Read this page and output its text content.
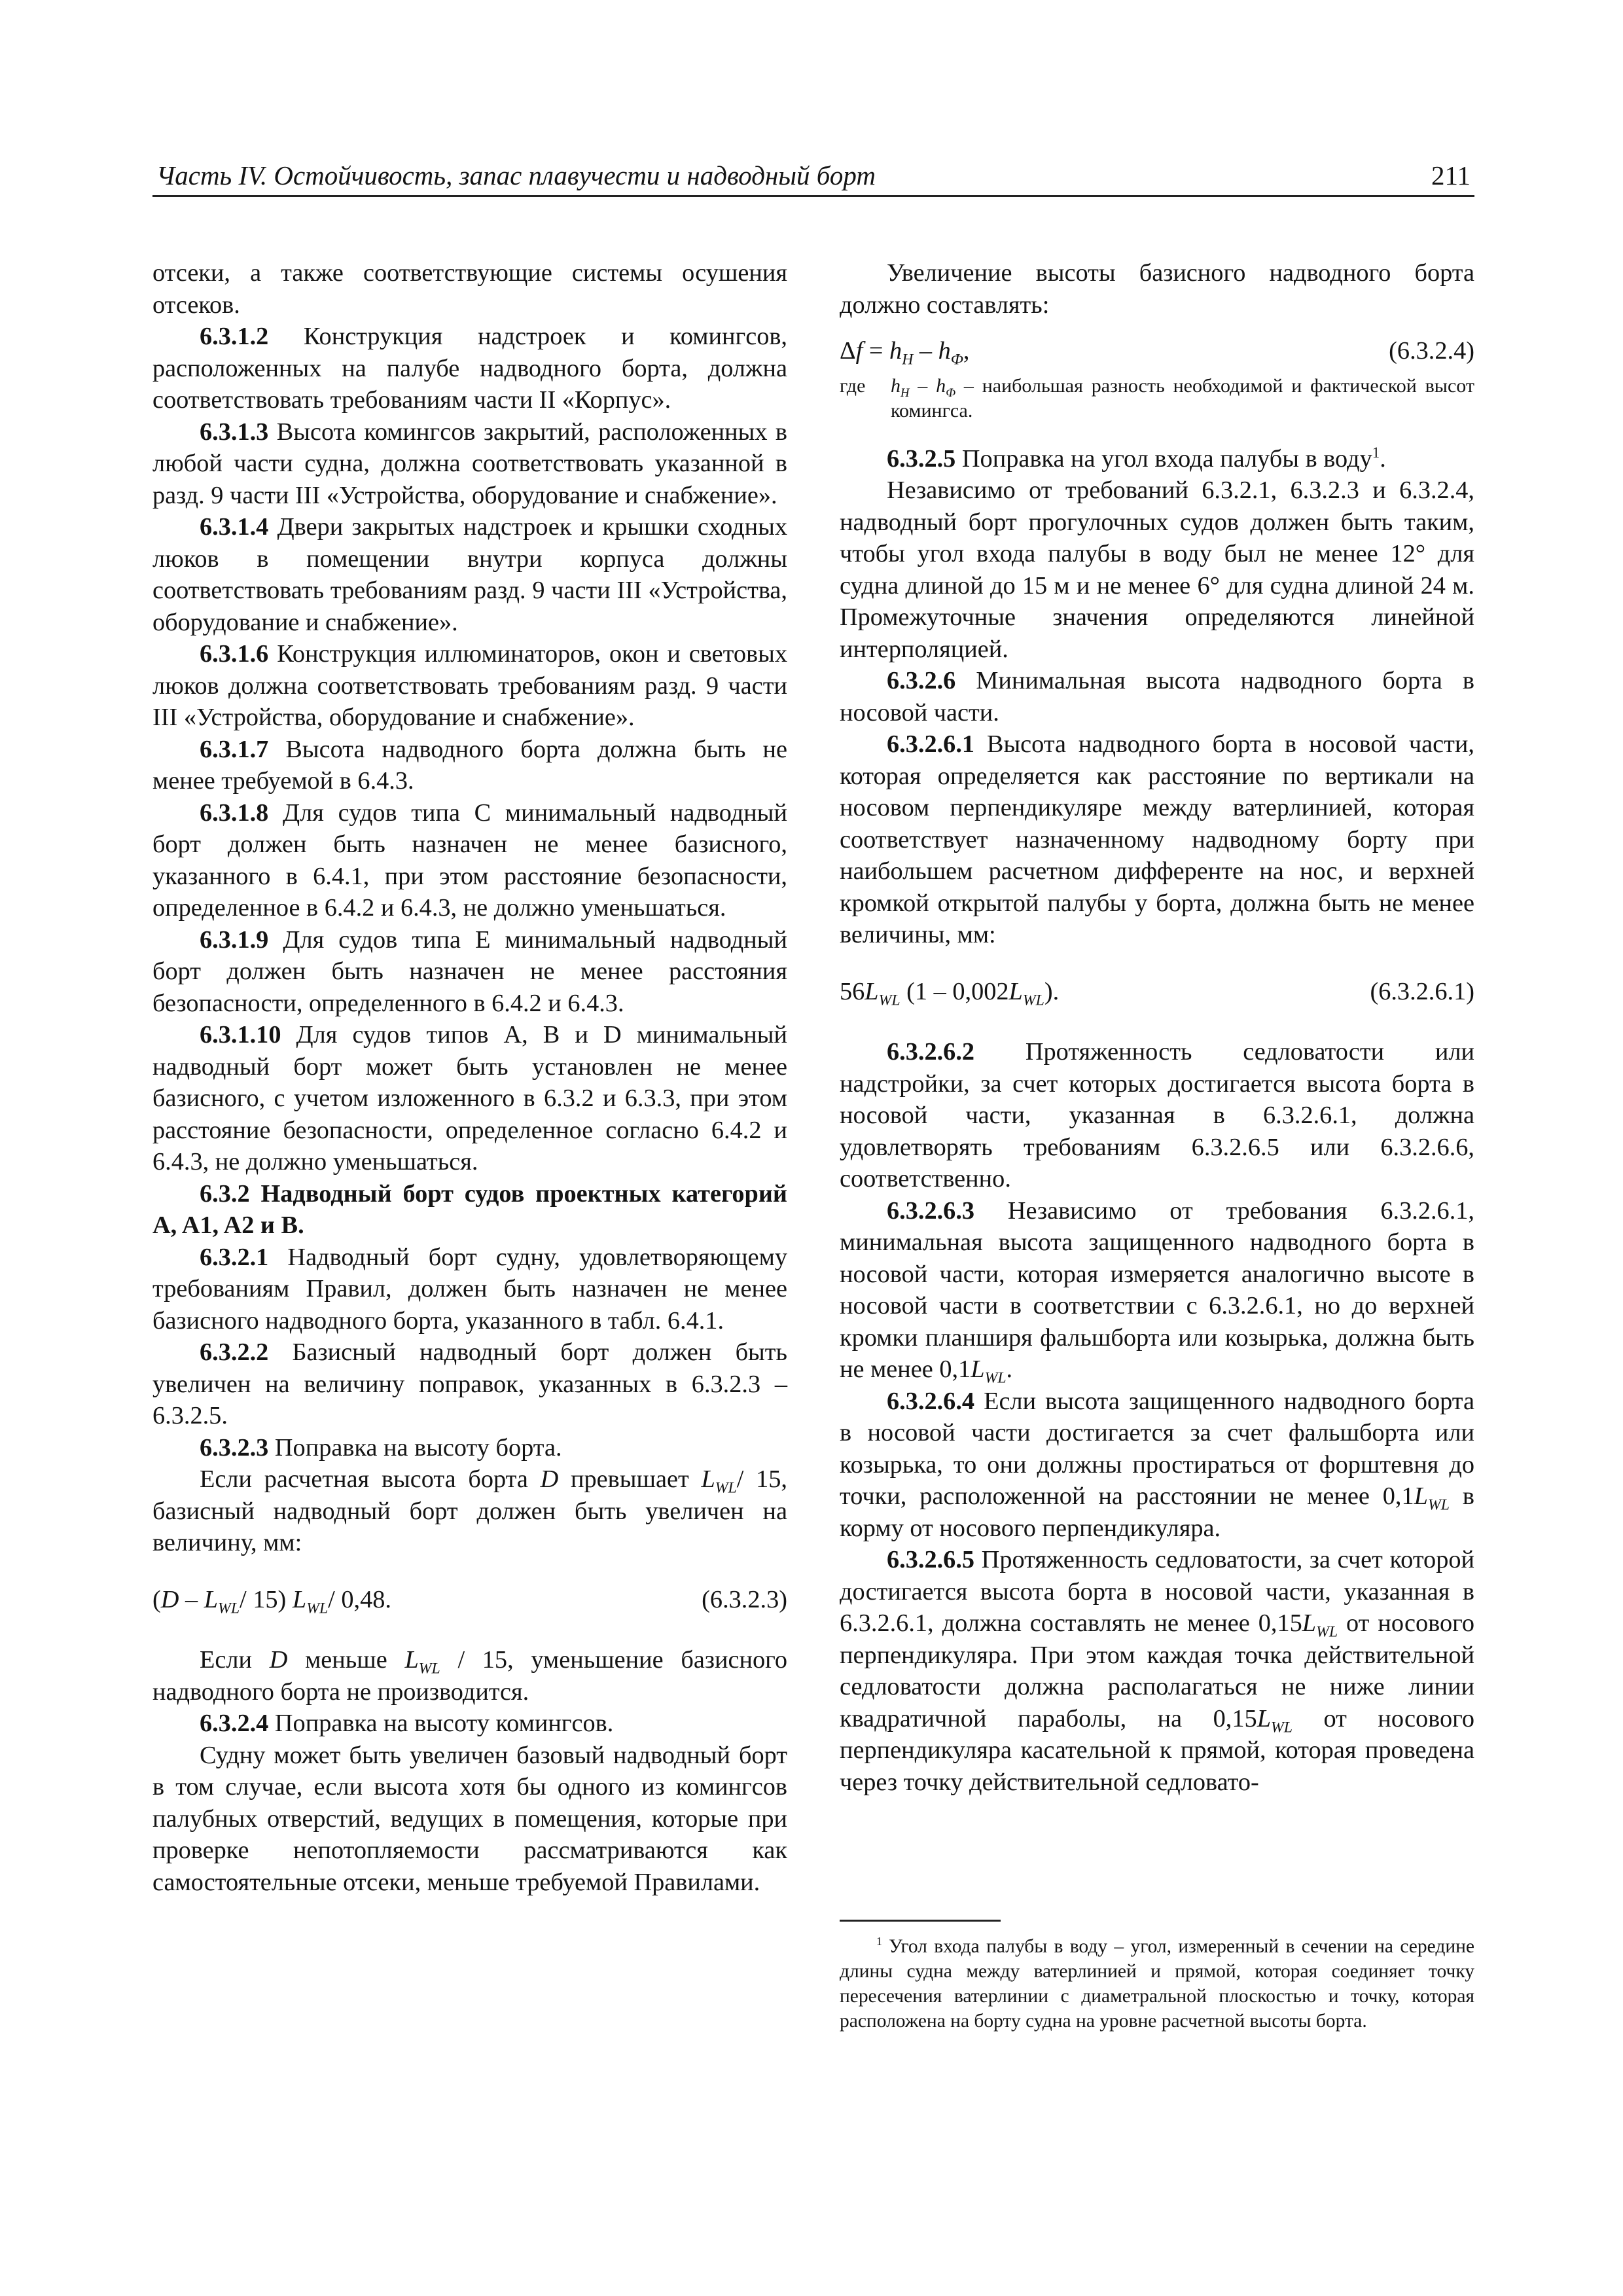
Часть IV. Остойчивость, запас плавучести и надводный борт	211

отсеки, а также соответствующие системы осушения отсеков.

6.3.1.2 Конструкция надстроек и комингсов, расположенных на палубе надводного борта, должна соответствовать требованиям части II «Корпус».

6.3.1.3 Высота комингсов закрытий, расположенных в любой части судна, должна соответствовать указанной в разд. 9 части III «Устройства, оборудование и снабжение».

6.3.1.4 Двери закрытых надстроек и крышки сходных люков в помещении внутри корпуса должны соответствовать требованиям разд. 9 части III «Устройства, оборудование и снабжение».

6.3.1.6 Конструкция иллюминаторов, окон и световых люков должна соответствовать требованиям разд. 9 части III «Устройства, оборудование и снабжение».

6.3.1.7 Высота надводного борта должна быть не менее требуемой в 6.4.3.

6.3.1.8 Для судов типа C минимальный надводный борт должен быть назначен не менее базисного, указанного в 6.4.1, при этом расстояние безопасности, определенное в 6.4.2 и 6.4.3, не должно уменьшаться.

6.3.1.9 Для судов типа E минимальный надводный борт должен быть назначен не менее расстояния безопасности, определенного в 6.4.2 и 6.4.3.

6.3.1.10 Для судов типов A, B и D минимальный надводный борт может быть установлен не менее базисного, с учетом изложенного в 6.3.2 и 6.3.3, при этом расстояние безопасности, определенное согласно 6.4.2 и 6.4.3, не должно уменьшаться.

6.3.2 Надводный борт судов проектных категорий A, A1, A2 и B.

6.3.2.1 Надводный борт судну, удовлетворяющему требованиям Правил, должен быть назначен не менее базисного надводного борта, указанного в табл. 6.4.1.

6.3.2.2 Базисный надводный борт должен быть увеличен на величину поправок, указанных в 6.3.2.3 – 6.3.2.5.

6.3.2.3 Поправка на высоту борта.

Если расчетная высота борта D превышает $L_{WL}/$ 15, базисный надводный борт должен быть увеличен на величину, мм:

($D - L_{WL}/$ 15) $L_{WL}/$ 0,48.	(6.3.2.3)

Если D меньше $L_{WL} / 15$, уменьшение базисного надводного борта не производится.

6.3.2.4 Поправка на высоту комингсов.

Судну может быть увеличен базовый надводный борт в том случае, если высота хотя бы одного из комингсов палубных отверстий, ведущих в помещения, которые при проверке непотопляемости рассматриваются как самостоятельные отсеки, меньше требуемой Правилами.

Увеличение высоты базисного надводного борта должно составлять:

$\Delta f = h_H - h_Ф$,	(6.3.2.4)
где	$h_H - h_Ф$ – наибольшая разность необходимой и фактической высот комингса.

6.3.2.5 Поправка на угол входа палубы в воду$^1$.

Независимо от требований 6.3.2.1, 6.3.2.3 и 6.3.2.4, надводный борт прогулочных судов должен быть таким, чтобы угол входа палубы в воду был не менее 12° для судна длиной до 15 м и не менее 6° для судна длиной 24 м. Промежуточные значения определяются линейной интерполяцией.

6.3.2.6 Минимальная высота надводного борта в носовой части.

6.3.2.6.1 Высота надводного борта в носовой части, которая определяется как расстояние по вертикали на носовом перпендикуляре между ватерлинией, которая соответствует назначенному надводному борту при наибольшем расчетном дифференте на нос, и верхней кромкой открытой палубы у борта, должна быть не менее величины, мм:

$56L_{WL}$ $(1 - 0,002L_{WL})$.	(6.3.2.6.1)

6.3.2.6.2 Протяженность седловатости или надстройки, за счет которых достигается высота борта в носовой части, указанная в 6.3.2.6.1, должна удовлетворять требованиям 6.3.2.6.5 или 6.3.2.6.6, соответственно.

6.3.2.6.3 Независимо от требования 6.3.2.6.1, минимальная высота защищенного надводного борта в носовой части, которая измеряется аналогично высоте в носовой части в соответствии с 6.3.2.6.1, но до верхней кромки планширя фальшборта или козырька, должна быть не менее $0,1L_{WL}$.

6.3.2.6.4 Если высота защищенного надводного борта в носовой части достигается за счет фальшборта или козырька, то они должны простираться от форштевня до точки, расположенной на расстоянии не менее $0,1L_{WL}$ в корму от носового перпендикуляра.

6.3.2.6.5 Протяженность седловатости, за счет которой достигается высота борта в носовой части, указанная в 6.3.2.6.1, должна составлять не менее $0,15L_{WL}$ от носового перпендикуляра. При этом каждая точка действительной седловатости должна располагаться не ниже линии квадратичной параболы, на $0,15L_{WL}$ от носового перпендикуляра касательной к прямой, которая проведена через точку действительной седловато-

$^1$ Угол входа палубы в воду – угол, измеренный в сечении на середине длины судна между ватерлинией и прямой, которая соединяет точку пересечения ватерлинии с диаметральной плоскостью и точку, которая расположена на борту судна на уровне расчетной высоты борта.
